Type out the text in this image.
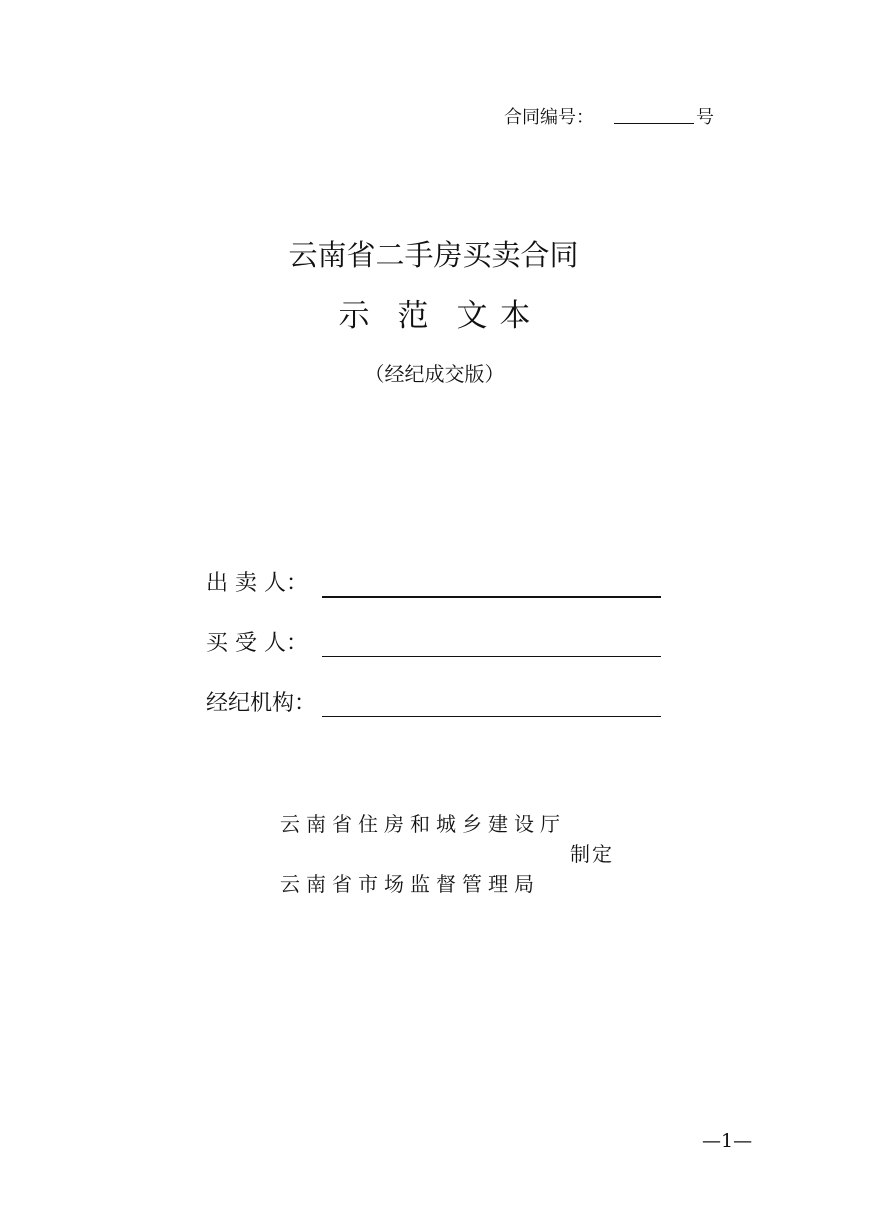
合同编号：	号
云南省二手房买卖合同
示 范 文 本
（经纪成交版）
出 卖 人：
买 受 人：
经纪机构：
云南省住房和城乡建设厅
制定
云南省市场监督管理局
—1—
